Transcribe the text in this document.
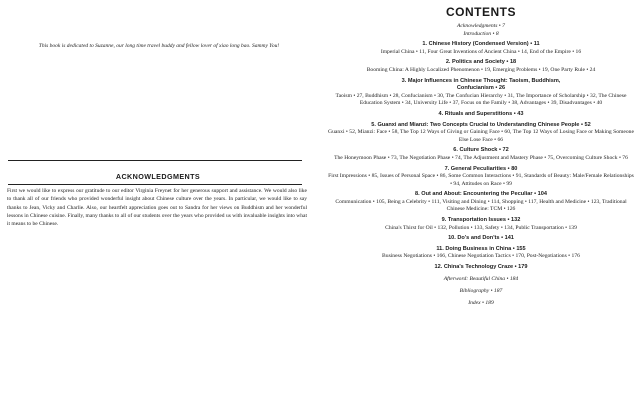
This book is dedicated to Suzanne, our long time travel buddy and fellow lover of xiao long bao. Sammy You!
ACKNOWLEDGMENTS
First we would like to express our gratitude to our editor Virginia Freynet for her generous support and assistance. We would also like to thank all of our friends who provided wonderful insight about Chinese culture over the years. In particular, we would like to say thanks to Jean, Vicky and Charlie. Also, our heartfelt appreciation goes out to Sandra for her views on Buddhism and her wonderful lessons in Chinese cuisine. Finally, many thanks to all of our students over the years who provided us with invaluable insights into what it means to be Chinese.
CONTENTS
Acknowledgments • 7
Introduction • 8
1. Chinese History (Condensed Version) • 11
Imperial China • 11, Four Great Inventions of Ancient China • 14, End of the Empire • 16
2. Politics and Society • 18
Booming China: A Highly Localized Phenomenon • 19, Emerging Problems • 19, One Party Rule • 24
3. Major Influences in Chinese Thought: Taoism, Buddhism, Confucianism • 26
Taoism • 27, Buddhism • 28, Confucianism • 30, The Confucian Hierarchy • 31, The Importance of Scholarship • 32, The Chinese Education System • 34, University Life • 37, Focus on the Family • 38, Advantages • 39, Disadvantages • 40
4. Rituals and Superstitions • 43
5. Guanxi and Mianzi: Two Concepts Crucial to Understanding Chinese People • 52
Guanxi • 52, Mianzi: Face • 58, The Top 12 Ways of Giving or Gaining Face • 60, The Top 12 Ways of Losing Face or Making Someone Else Lose Face • 66
6. Culture Shock • 72
The Honeymoon Phase • 73, The Negotiation Phase • 74, The Adjustment and Mastery Phase • 75, Overcoming Culture Shock • 76
7. General Peculiarities • 80
First Impressions • 85, Issues of Personal Space • 86, Some Common Interactions • 91, Standards of Beauty: Male/Female Relationships • 94, Attitudes on Race • 99
8. Out and About: Encountering the Peculiar • 104
Communication • 105, Being a Celebrity • 111, Visiting and Dining • 114, Shopping • 117, Health and Medicine • 123, Traditional Chinese Medicine: TCM • 126
9. Transportation Issues • 132
China's Thirst for Oil • 132, Pollution • 133, Safety • 134, Public Transportation • 139
10. Do's and Don'ts • 141
11. Doing Business in China • 155
Business Negotiations • 166, Chinese Negotiation Tactics • 170, Post-Negotiations • 176
12. China's Technology Craze • 179
Afterword: Beautiful China • 184
Bibliography • 187
Index • 189
